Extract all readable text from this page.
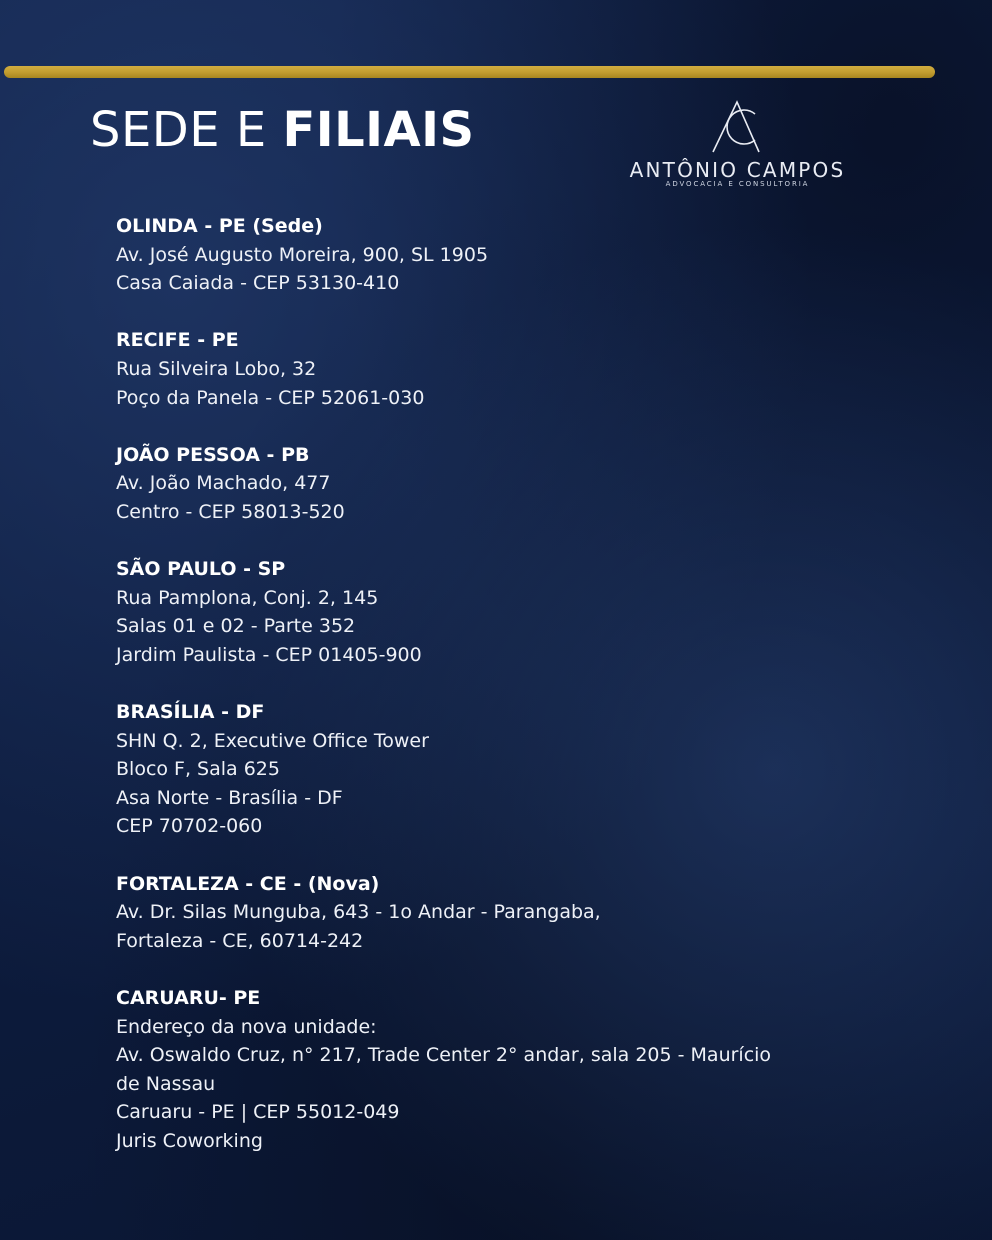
SEDE E FILIAIS
ANTÔNIO CAMPOS
ADVOCACIA E CONSULTORIA
OLINDA - PE (Sede)
Av. José Augusto Moreira, 900, SL 1905
Casa Caiada - CEP 53130-410
RECIFE - PE
Rua Silveira Lobo, 32
Poço da Panela - CEP 52061-030
JOÃO PESSOA - PB
Av. João Machado, 477
Centro - CEP 58013-520
SÃO PAULO - SP
Rua Pamplona, Conj. 2, 145
Salas 01 e 02 - Parte 352
Jardim Paulista - CEP 01405-900
BRASÍLIA - DF
SHN Q. 2, Executive Office Tower
Bloco F, Sala 625
Asa Norte - Brasília - DF
CEP 70702-060
FORTALEZA - CE - (Nova)
Av. Dr. Silas Munguba, 643 - 1o Andar - Parangaba,
Fortaleza - CE, 60714-242
CARUARU- PE
Endereço da nova unidade:
Av. Oswaldo Cruz, n° 217, Trade Center 2° andar, sala 205 - Maurício
de Nassau
Caruaru - PE | CEP 55012-049
Juris Coworking
